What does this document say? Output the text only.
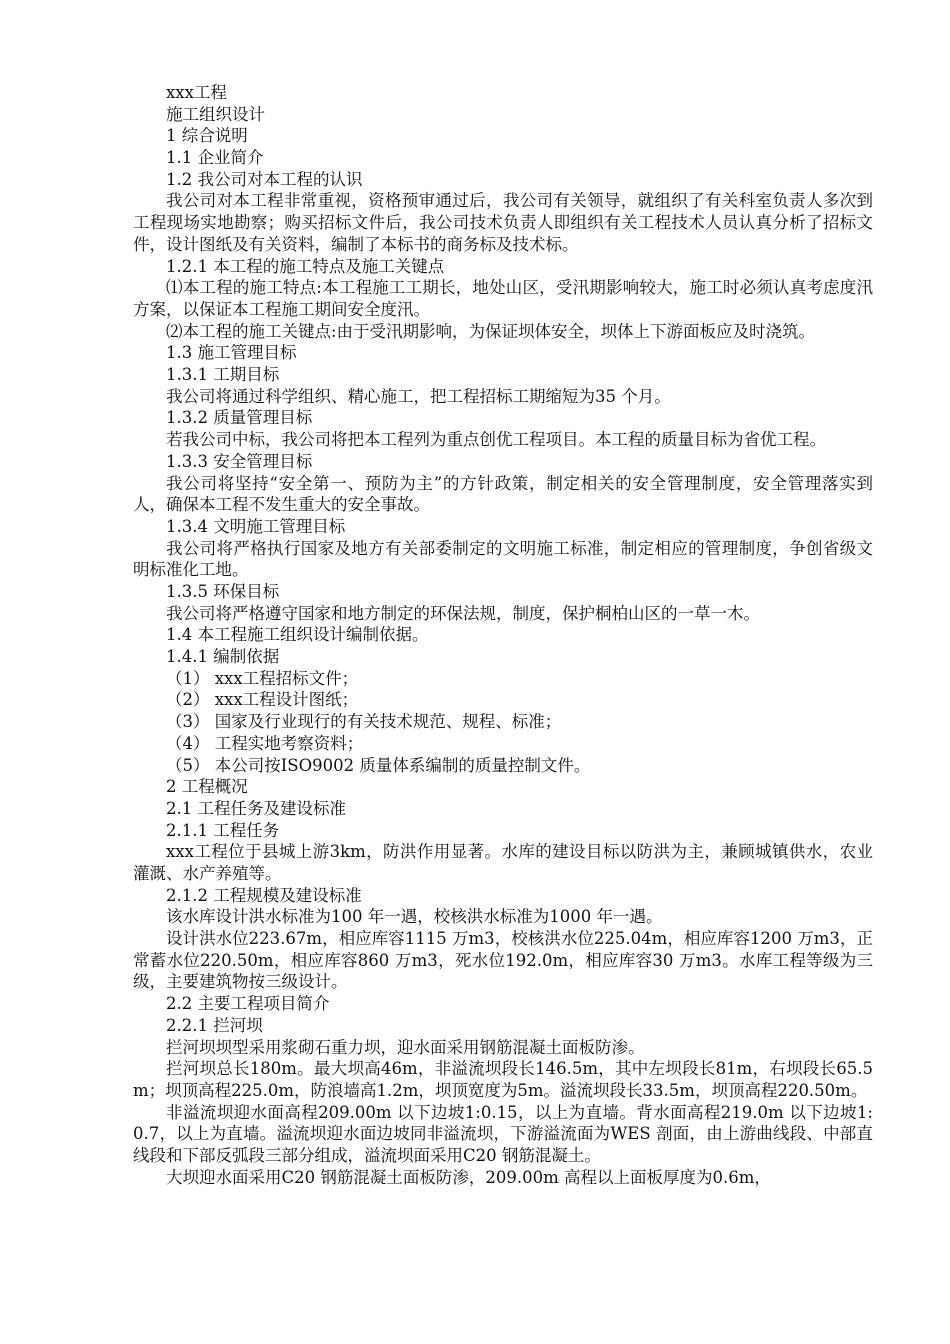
xxx工程
施工组织设计
1 综合说明
1.1 企业简介
1.2 我公司对本工程的认识
我公司对本工程非常重视，资格预审通过后，我公司有关领导，就组织了有关科室负责人多次到工程现场实地勘察；购买招标文件后，我公司技术负责人即组织有关工程技术人员认真分析了招标文件，设计图纸及有关资料，编制了本标书的商务标及技术标。
1.2.1 本工程的施工特点及施工关键点
⑴本工程的施工特点:本工程施工工期长，地处山区，受汛期影响较大，施工时必须认真考虑度汛方案，以保证本工程施工期间安全度汛。
⑵本工程的施工关键点:由于受汛期影响，为保证坝体安全，坝体上下游面板应及时浇筑。
1.3 施工管理目标
1.3.1 工期目标
我公司将通过科学组织、精心施工，把工程招标工期缩短为35 个月。
1.3.2 质量管理目标
若我公司中标，我公司将把本工程列为重点创优工程项目。本工程的质量目标为省优工程。
1.3.3 安全管理目标
我公司将坚持“安全第一、预防为主”的方针政策，制定相关的安全管理制度，安全管理落实到人，确保本工程不发生重大的安全事故。
1.3.4 文明施工管理目标
我公司将严格执行国家及地方有关部委制定的文明施工标准，制定相应的管理制度，争创省级文明标准化工地。
1.3.5 环保目标
我公司将严格遵守国家和地方制定的环保法规，制度，保护桐柏山区的一草一木。
1.4 本工程施工组织设计编制依据。
1.4.1 编制依据
（1） xxx工程招标文件；
（2） xxx工程设计图纸；
（3） 国家及行业现行的有关技术规范、规程、标准；
（4） 工程实地考察资料；
（5） 本公司按ISO9002 质量体系编制的质量控制文件。
2 工程概况
2.1 工程任务及建设标准
2.1.1 工程任务
xxx工程位于县城上游3km，防洪作用显著。水库的建设目标以防洪为主，兼顾城镇供水，农业灌溉、水产养殖等。
2.1.2 工程规模及建设标准
该水库设计洪水标准为100 年一遇，校核洪水标准为1000 年一遇。
设计洪水位223.67m，相应库容1115 万m3，校核洪水位225.04m，相应库容1200 万m3，正常蓄水位220.50m，相应库容860 万m3，死水位192.0m，相应库容30 万m3。水库工程等级为三级，主要建筑物按三级设计。
2.2 主要工程项目简介
2.2.1 拦河坝
拦河坝坝型采用浆砌石重力坝，迎水面采用钢筋混凝土面板防渗。
拦河坝总长180m。最大坝高46m，非溢流坝段长146.5m，其中左坝段长81m，右坝段长65.5m；坝顶高程225.0m，防浪墙高1.2m，坝顶宽度为5m。溢流坝段长33.5m，坝顶高程220.50m。
非溢流坝迎水面高程209.00m 以下边坡1:0.15，以上为直墙。背水面高程219.0m 以下边坡1:0.7，以上为直墙。溢流坝迎水面边坡同非溢流坝，下游溢流面为WES 剖面，由上游曲线段、中部直线段和下部反弧段三部分组成，溢流坝面采用C20 钢筋混凝土。
大坝迎水面采用C20 钢筋混凝土面板防渗，209.00m 高程以上面板厚度为0.6m，
